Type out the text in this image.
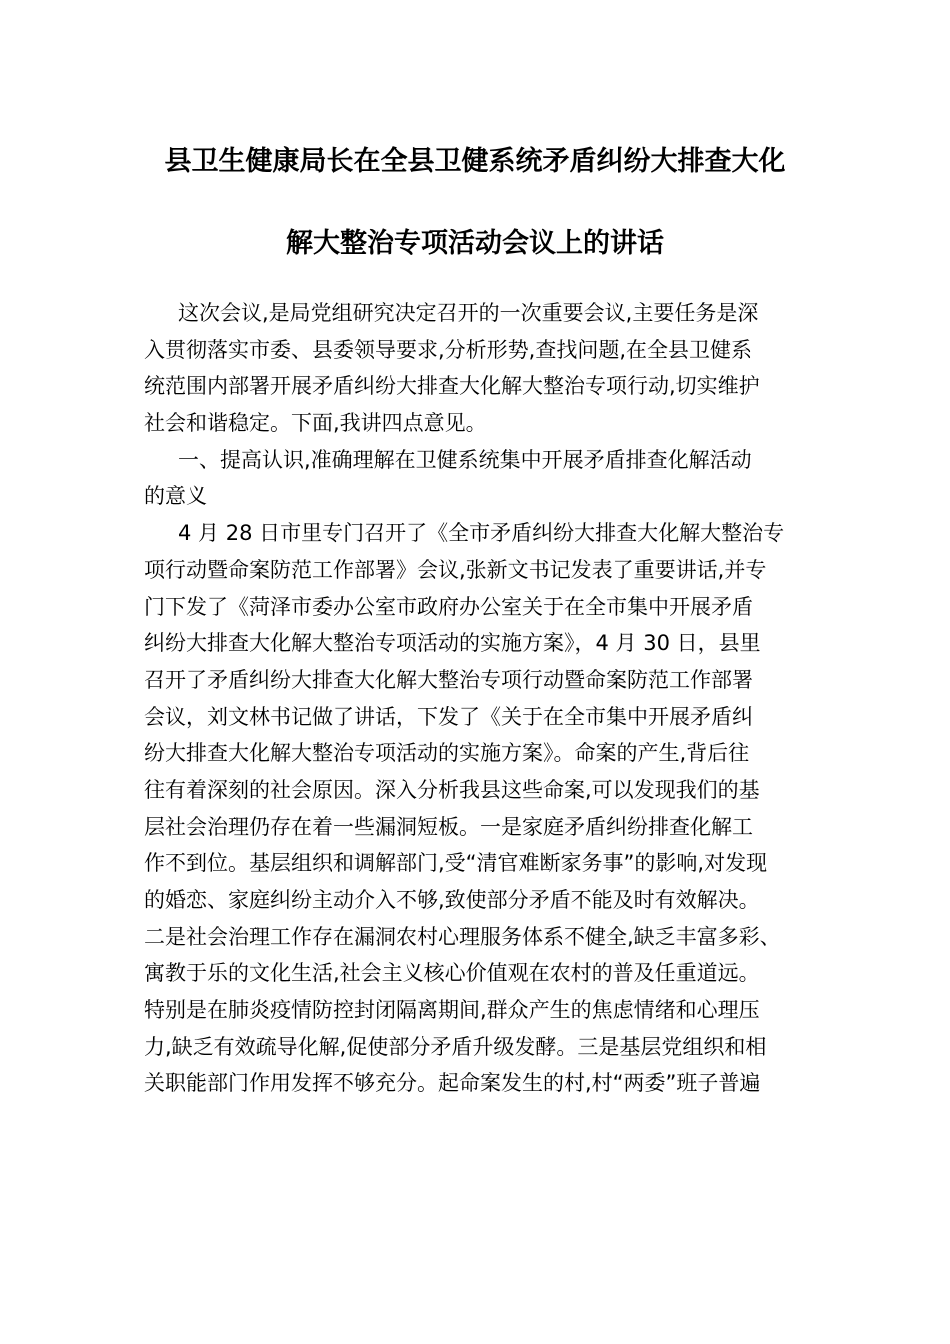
县卫生健康局长在全县卫健系统矛盾纠纷大排查大化
解大整治专项活动会议上的讲话
这次会议,是局党组研究决定召开的一次重要会议,主要任务是深
入贯彻落实市委、县委领导要求,分析形势,查找问题,在全县卫健系
统范围内部署开展矛盾纠纷大排查大化解大整治专项行动,切实维护
社会和谐稳定。下面,我讲四点意见。
一、提高认识,准确理解在卫健系统集中开展矛盾排查化解活动
的意义
4 月 28 日市里专门召开了《全市矛盾纠纷大排查大化解大整治专
项行动暨命案防范工作部署》会议,张新文书记发表了重要讲话,并专
门下发了《菏泽市委办公室市政府办公室关于在全市集中开展矛盾
纠纷大排查大化解大整治专项活动的实施方案》，4 月 30 日，县里
召开了矛盾纠纷大排查大化解大整治专项行动暨命案防范工作部署
会议，刘文林书记做了讲话，下发了《关于在全市集中开展矛盾纠
纷大排查大化解大整治专项活动的实施方案》。命案的产生,背后往
往有着深刻的社会原因。深入分析我县这些命案,可以发现我们的基
层社会治理仍存在着一些漏洞短板。一是家庭矛盾纠纷排查化解工
作不到位。基层组织和调解部门,受“清官难断家务事”的影响,对发现
的婚恋、家庭纠纷主动介入不够,致使部分矛盾不能及时有效解决。
二是社会治理工作存在漏洞农村心理服务体系不健全,缺乏丰富多彩、
寓教于乐的文化生活,社会主义核心价值观在农村的普及任重道远。
特别是在肺炎疫情防控封闭隔离期间,群众产生的焦虑情绪和心理压
力,缺乏有效疏导化解,促使部分矛盾升级发酵。三是基层党组织和相
关职能部门作用发挥不够充分。起命案发生的村,村“两委”班子普遍
